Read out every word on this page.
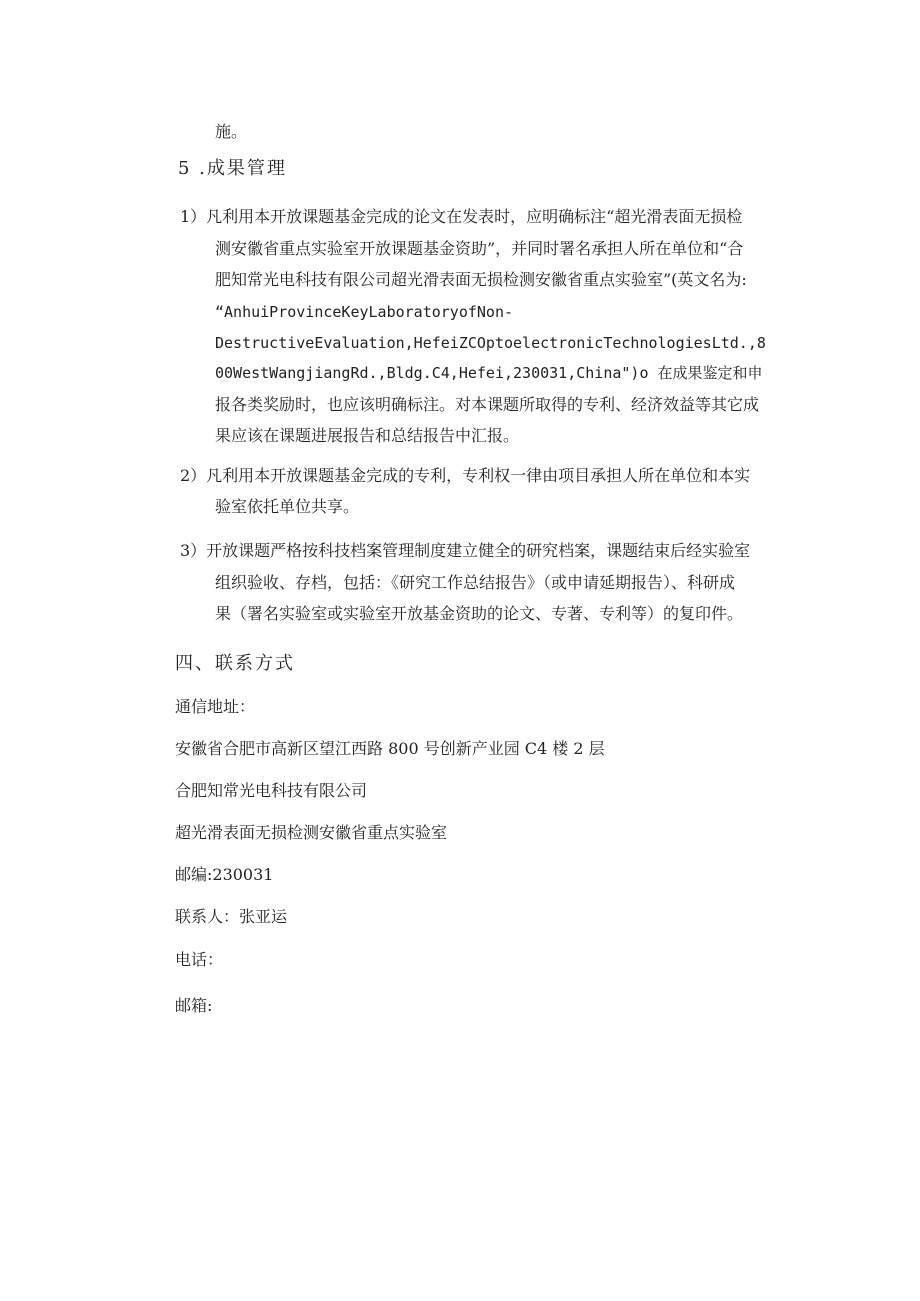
施。
5 .成果管理
1）凡利用本开放课题基金完成的论文在发表时，应明确标注“超光滑表面无损检
测安徽省重点实验室开放课题基金资助”，并同时署名承担人所在单位和“合
肥知常光电科技有限公司超光滑表面无损检测安徽省重点实验室”(英文名为:
“AnhuiProvinceKeyLaboratoryofNon-
DestructiveEvaluation,HefeiZCOptoelectronicTechnologiesLtd.,8
00WestWangjiangRd.,Bldg.C4,Hefei,230031,China")o 在成果鉴定和申
报各类奖励时，也应该明确标注。对本课题所取得的专利、经济效益等其它成
果应该在课题进展报告和总结报告中汇报。
2）凡利用本开放课题基金完成的专利，专利权一律由项目承担人所在单位和本实
验室依托单位共享。
3）开放课题严格按科技档案管理制度建立健全的研究档案，课题结束后经实验室
组织验收、存档，包括：《研究工作总结报告》（或申请延期报告）、科研成
果（署名实验室或实验室开放基金资助的论文、专著、专利等）的复印件。
四、联系方式
通信地址：
安徽省合肥市高新区望江西路 800 号创新产业园 C4 楼 2 层
合肥知常光电科技有限公司
超光滑表面无损检测安徽省重点实验室
邮编:230031
联系人：张亚运
电话：
邮箱:
